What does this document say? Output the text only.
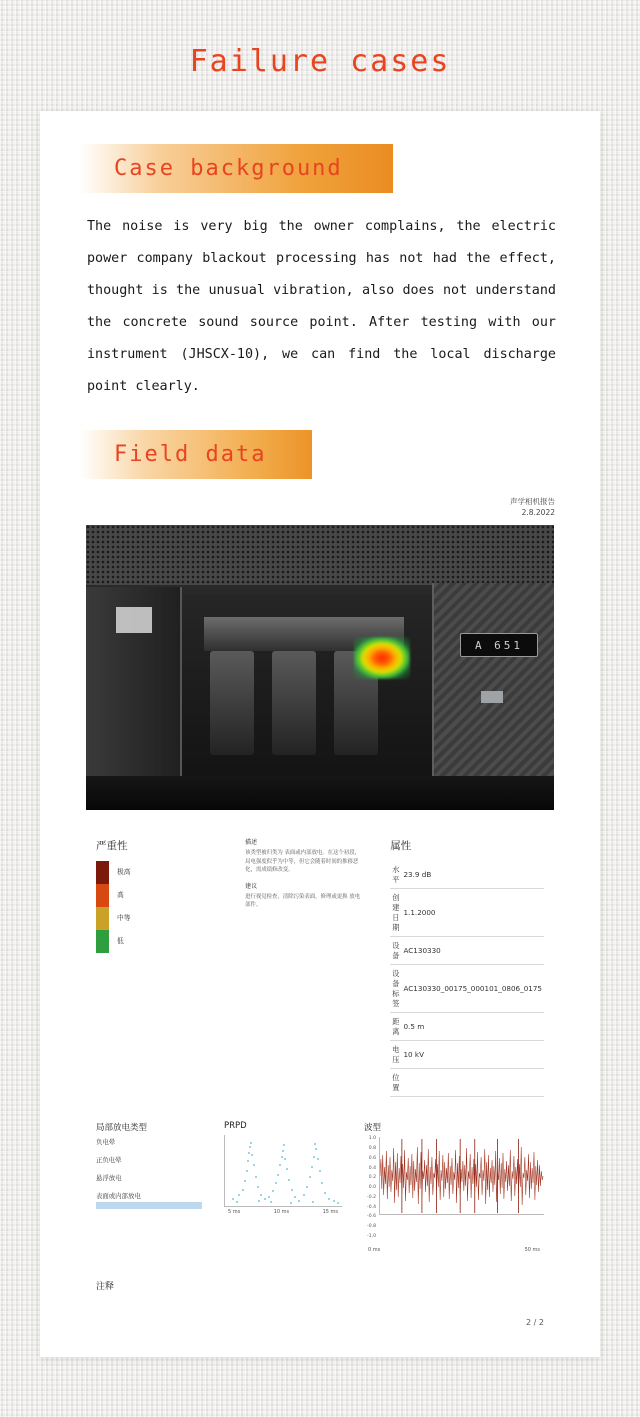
Failure cases
Case background

The noise is very big the owner complains, the electric power company blackout processing has not had the effect, thought is the unusual vibration, also does not understand the concrete sound source point. After testing with our instrument (JHSCX-10), we can find the local discharge point clearly.

Field data
声学相机报告
2.8.2022
A 651
严重性
极高
高
中等
低
描述
该类型被归类为 表面或内部放电。在这个初段，局电强度似乎为中等，但它会随着时间的推移恶化，需成绩修改变。
建议
进行视觉检查，清除污染表面。修理或更换 放电部件。
属性
水平	23.9 dB
创建日期	1.1.2000
设备	AC130330
设备标签	AC130330_00175_000101_0806_0175
距离	0.5 m
电压	10 kV
位置	
局部放电类型
负电晕
正负电晕
悬浮放电
表面或内部放电
PRPD
5 ms	10 ms	15 ms
波型
1.0
0.8
0.6
0.4
0.2
0.0
-0.2
-0.4
-0.6
-0.8
-1.0
0 ms	50 ms
注释
2 / 2
